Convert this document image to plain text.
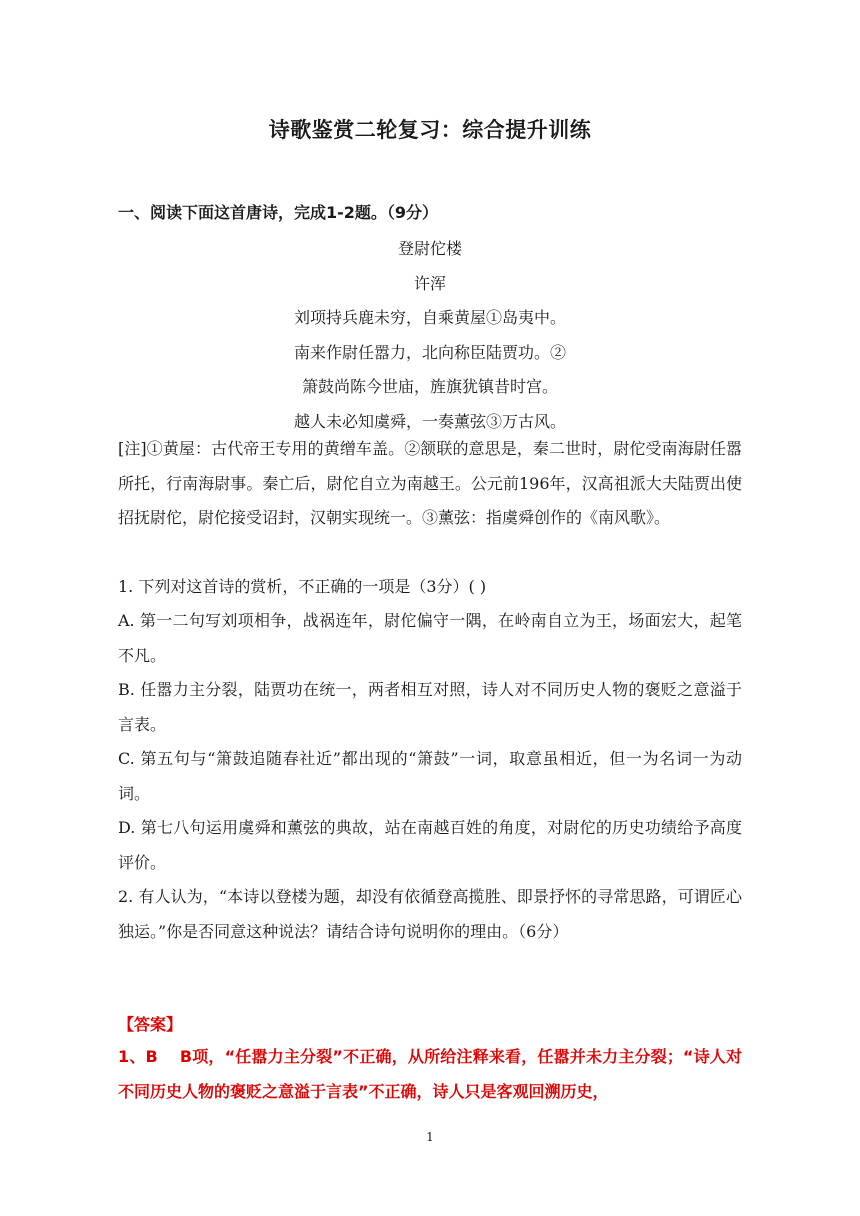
诗歌鉴赏二轮复习：综合提升训练
一、阅读下面这首唐诗，完成1-2题。（9分）
登尉佗楼
许浑
刘项持兵鹿未穷，自乘黄屋①岛夷中。
南来作尉任嚣力，北向称臣陆贾功。②
箫鼓尚陈今世庙，旌旗犹镇昔时宫。
越人未必知虞舜，一奏薰弦③万古风。
[注]①黄屋：古代帝王专用的黄缯车盖。②颔联的意思是，秦二世时，尉佗受南海尉任嚣所托，行南海尉事。秦亡后，尉佗自立为南越王。公元前196年，汉高祖派大夫陆贾出使招抚尉佗，尉佗接受诏封，汉朝实现统一。③薰弦：指虞舜创作的《南风歌》。
1. 下列对这首诗的赏析，不正确的一项是（3分）( )
A. 第一二句写刘项相争，战祸连年，尉佗偏守一隅，在岭南自立为王，场面宏大，起笔不凡。
B. 任嚣力主分裂，陆贾功在统一，两者相互对照，诗人对不同历史人物的褒贬之意溢于言表。
C. 第五句与“箫鼓追随春社近”都出现的“箫鼓”一词，取意虽相近，但一为名词一为动词。
D. 第七八句运用虞舜和薰弦的典故，站在南越百姓的角度，对尉佗的历史功绩给予高度评价。
2. 有人认为，“本诗以登楼为题，却没有依循登高揽胜、即景抒怀的寻常思路，可谓匠心独运。”你是否同意这种说法？请结合诗句说明你的理由。（6分）
【答案】
1、B　 B项，“任嚣力主分裂”不正确，从所给注释来看，任嚣并未力主分裂；“诗人对不同历史人物的褒贬之意溢于言表”不正确，诗人只是客观回溯历史，
1
